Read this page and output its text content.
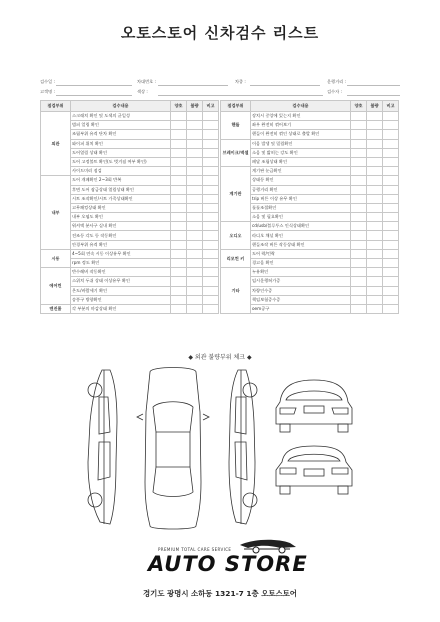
오토스토어 신차검수 리스트
검수일 :	차대번호 :	차종 :	운행거리 :
고객명 :	색상 :	검수자 :
점검부위	검수내용	양호	불량	비고
외관	스크래치 확인 및 도색의 균일성			
	범퍼 얼링 확인			
	조립부위 유격 단차 확인			
	와이퍼 위치 확인			
	도어열림 상태 확인			
	도어 고정볼트 확인(도 벗겨짐 여부 확인)			
	사이드미러 점검			
내부	도어 개폐확인 2~3회 반복			
	후면 도어 잠금상태 열림상태 확인			
	시트 조작확인/시트 가죽상태확인			
	고무패킹상태 확인			
	내부 오염도 확인			
	워셔액 분사구 실내 확인			
	전조등 각도 등 작동확인			
	안경부위 유격 확인			
시동	4~5회 연속 시동 이상유무 확인			
	rpm 정도 확인			
에어컨	반수레버 작동확인			
	스위치 두쉬 상태 이상유무 확인			
	온도/바람세기 확인			
	송풍구 방향확인			
엔진룸	각 부분의 마감상태 확인			
점검부위	검수내용	양호	불량	비고
핸들	장치시 중앙에 있는지 확인			
	좌우 완전히 꺾어보기			
	핸들이 완전히 꺾인 상태로 출발 확인			
브레이크/액셀	이음 발생 및 밀림확인			
	소음 및 밟히는 강도 확인			
	페달 조립상태 확인			
계기판	계기판 눈금확인			
	상태등 확인			
	공행거리 확인			
	trip 버튼 이상 유무 확인			
	톨톨조절확인			
	소음 및 필요확인			
오디오	cd/usb/블루투스 인식상태확인			
	라디오 채널 확인			
	핸들조작 버튼 작동상태 확인			
리모컨 키	도어 락/언락			
	경고음 확인			
기타	누유확인			
	임시운행허가증			
	차량인수증			
	책임보험증수증			
	oem공구			
◆ 외관 불량부위 체크 ◆
PREMIUM TOTAL CARE SERVICE
AUTO STORE
경기도 광명시 소하동 1321-7 1층 오토스토어
